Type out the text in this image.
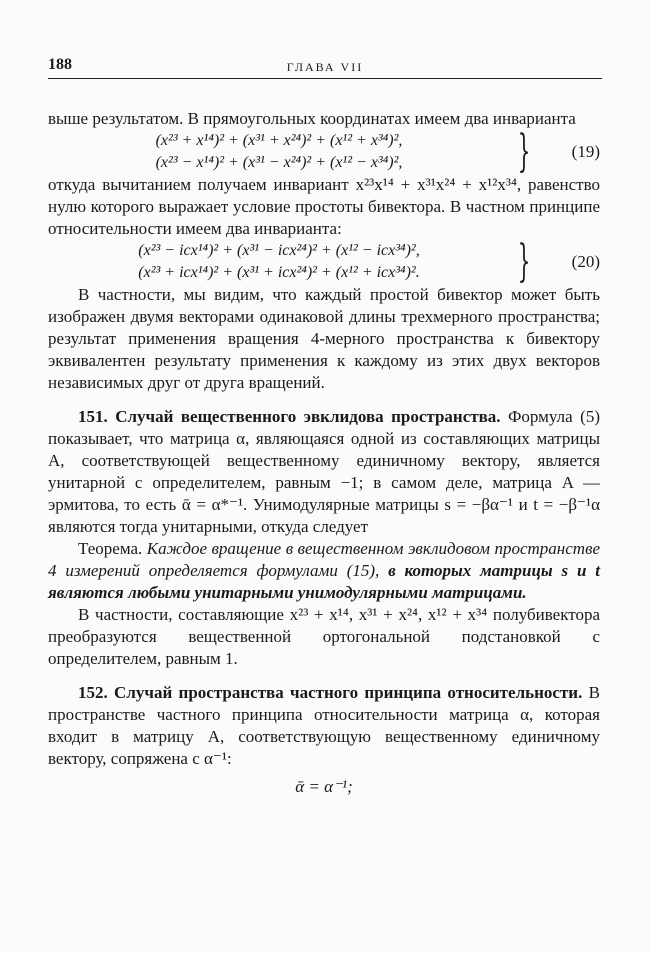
188	ГЛАВА VII

выше результатом. В прямоугольных координатах имеем два инварианта

(x²³ + x¹⁴)² + (x³¹ + x²⁴)² + (x¹² + x³⁴)²,
(x²³ − x¹⁴)² + (x³¹ − x²⁴)² + (x¹² − x³⁴)²,	}	(19)

откуда вычитанием получаем инвариант x²³x¹⁴ + x³¹x²⁴ + x¹²x³⁴, равенство нулю которого выражает условие простоты бивектора. В частном принципе относительности имеем два инварианта:

(x²³ − icx¹⁴)² + (x³¹ − icx²⁴)² + (x¹² − icx³⁴)²,
(x²³ + icx¹⁴)² + (x³¹ + icx²⁴)² + (x¹² + icx³⁴)².	}	(20)

В частности, мы видим, что каждый простой бивектор может быть изображен двумя векторами одинаковой длины трехмерного пространства; результат применения вращения 4-мерного пространства к бивектору эквивалентен результату применения к каждому из этих двух векторов независимых друг от друга вращений.

151. Случай вещественного эвклидова пространства. Формула (5) показывает, что матрица α, являющаяся одной из составляющих матрицы A, соответствующей вещественному единичному вектору, является унитарной с определителем, равным −1; в самом деле, матрица A — эрмитова, то есть ᾱ = α*⁻¹. Унимодулярные матрицы s = −βα⁻¹ и t = −β⁻¹α являются тогда унитарными, откуда следует

Теорема. Каждое вращение в вещественном эвклидовом пространстве 4 измерений определяется формулами (15), в которых матрицы s и t являются любыми унитарными унимодулярными матрицами.

В частности, составляющие x²³ + x¹⁴, x³¹ + x²⁴, x¹² + x³⁴ полубивектора преобразуются вещественной ортогональной подстановкой с определителем, равным 1.

152. Случай пространства частного принципа относительности. В пространстве частного принципа относительности матрица α, которая входит в матрицу A, соответствующую вещественному единичному вектору, сопряжена с α⁻¹:

ᾱ = α⁻¹;
